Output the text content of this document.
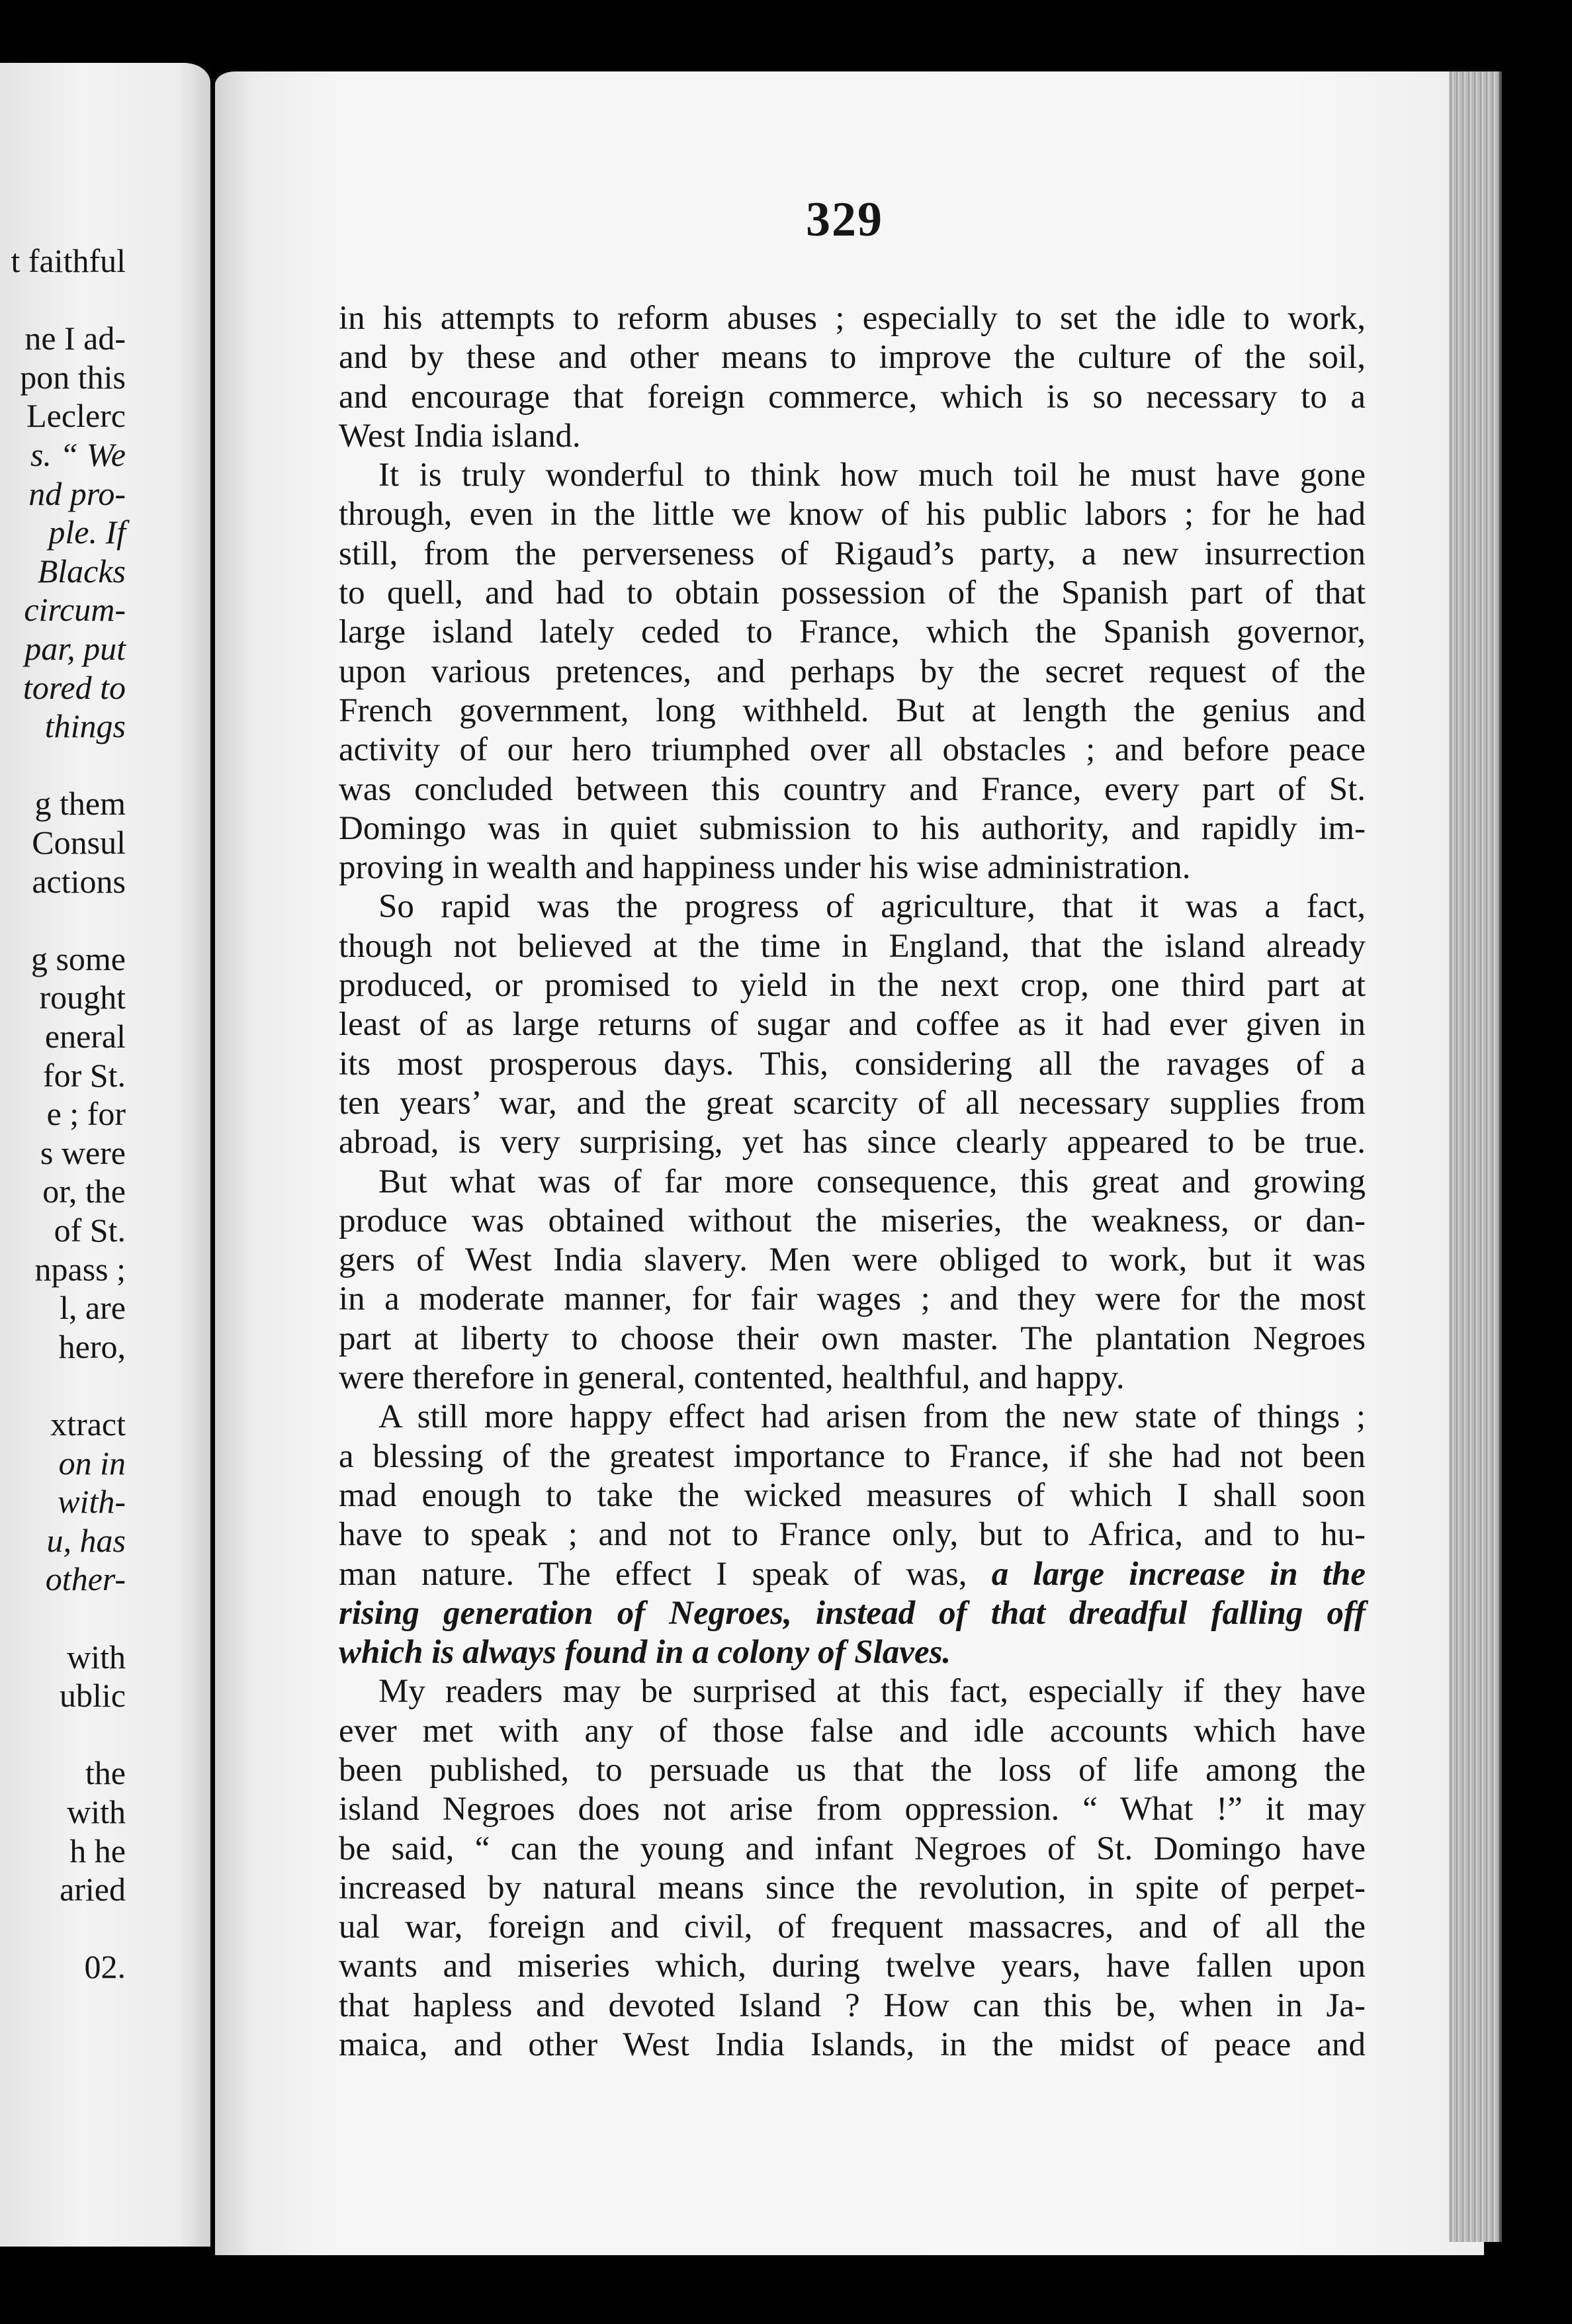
t faithful
ne I ad-
pon this
Leclerc
s. “ We
nd pro-
ple. If
Blacks
circum-
par, put
tored to
things
g them
Consul
actions
g some
rought
eneral
for St.
e ; for
s were
or, the
of St.
npass ;
l, are
hero,
xtract
on in
with-
u, has
other-
with
ublic
the
with
h he
aried
02.
329
in his attempts to reform abuses ; especially to set the idle to work,
and by these and other means to improve the culture of the soil,
and encourage that foreign commerce, which is so necessary to a
West India island.
It is truly wonderful to think how much toil he must have gone
through, even in the little we know of his public labors ; for he had
still, from the perverseness of Rigaud’s party, a new insurrection
to quell, and had to obtain possession of the Spanish part of that
large island lately ceded to France, which the Spanish governor,
upon various pretences, and perhaps by the secret request of the
French government, long withheld. But at length the genius and
activity of our hero triumphed over all obstacles ; and before peace
was concluded between this country and France, every part of St.
Domingo was in quiet submission to his authority, and rapidly im-
proving in wealth and happiness under his wise administration.
So rapid was the progress of agriculture, that it was a fact,
though not believed at the time in England, that the island already
produced, or promised to yield in the next crop, one third part at
least of as large returns of sugar and coffee as it had ever given in
its most prosperous days. This, considering all the ravages of a
ten years’ war, and the great scarcity of all necessary supplies from
abroad, is very surprising, yet has since clearly appeared to be true.
But what was of far more consequence, this great and growing
produce was obtained without the miseries, the weakness, or dan-
gers of West India slavery. Men were obliged to work, but it was
in a moderate manner, for fair wages ; and they were for the most
part at liberty to choose their own master. The plantation Negroes
were therefore in general, contented, healthful, and happy.
A still more happy effect had arisen from the new state of things ;
a blessing of the greatest importance to France, if she had not been
mad enough to take the wicked measures of which I shall soon
have to speak ; and not to France only, but to Africa, and to hu-
man nature. The effect I speak of was, a large increase in the
rising generation of Negroes, instead of that dreadful falling off
which is always found in a colony of Slaves.
My readers may be surprised at this fact, especially if they have
ever met with any of those false and idle accounts which have
been published, to persuade us that the loss of life among the
island Negroes does not arise from oppression. “ What !” it may
be said, “ can the young and infant Negroes of St. Domingo have
increased by natural means since the revolution, in spite of perpet-
ual war, foreign and civil, of frequent massacres, and of all the
wants and miseries which, during twelve years, have fallen upon
that hapless and devoted Island ? How can this be, when in Ja-
maica, and other West India Islands, in the midst of peace and
